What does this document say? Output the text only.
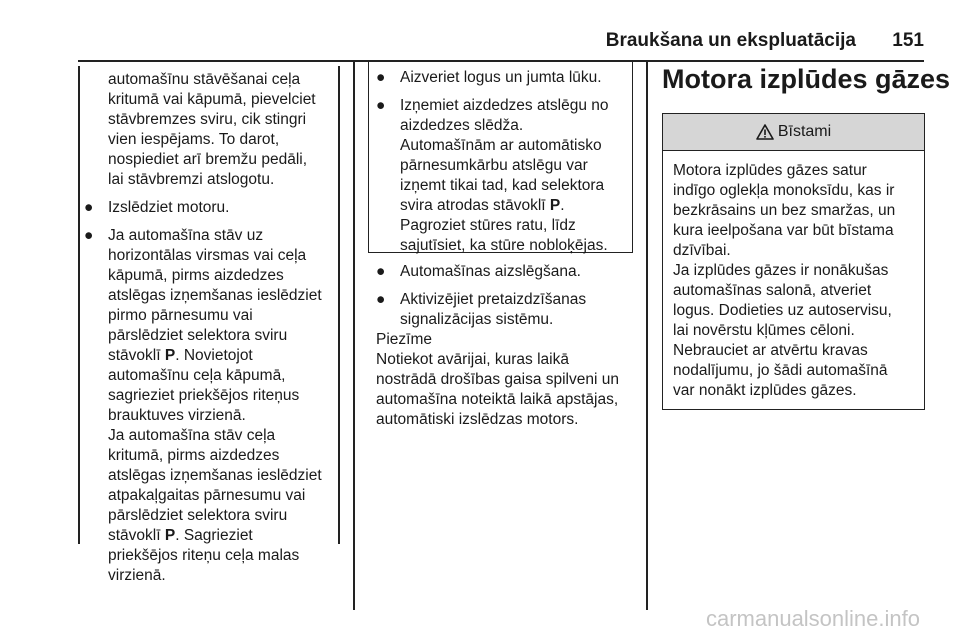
Braukšana un ekspluatācija	151

automašīnu stāvēšanai ceļa
kritumā vai kāpumā, pievelciet
stāvbremzes sviru, cik stingri
vien iespējams. To darot,
nospiediet arī bremžu pedāli,
lai stāvbremzi atslogotu.

● Izslēdziet motoru.
● Ja automašīna stāv uz
horizontālas virsmas vai ceļa
kāpumā, pirms aizdedzes
atslēgas izņemšanas ieslēdziet
pirmo pārnesumu vai
pārslēdziet selektora sviru
stāvoklī P. Novietojot
automašīnu ceļa kāpumā,
sagrieziet priekšējos riteņus
brauktuves virzienā.

Ja automašīna stāv ceļa
kritumā, pirms aizdedzes
atslēgas izņemšanas ieslēdziet
atpakaļgaitas pārnesumu vai
pārslēdziet selektora sviru
stāvoklī P. Sagrieziet
priekšējos riteņu ceļa malas
virzienā.

● Aizveriet logus un jumta lūku.
● Izņemiet aizdedzes atslēgu no
aizdedzes slēdža.
Automašīnām ar automātisko
pārnesumkārbu atslēgu var
izņemt tikai tad, kad selektora
svira atrodas stāvoklī P.

Pagroziet stūres ratu, līdz
sajutīsiet, ka stūre nobloķējas.

● Automašīnas aizslēgšana.
● Aktivizējiet pretaizdzīšanas
signalizācijas sistēmu.

Piezīme

Notiekot avārijai, kuras laikā
nostrādā drošības gaisa spilveni un
automašīna noteiktā laikā apstājas,
automātiski izslēdzas motors.

Motora izplūdes gāzes
Bīstami

Motora izplūdes gāzes satur
indīgo oglekļa monoksīdu, kas ir
bezkrāsains un bez smaržas, un
kura ieelpošana var būt bīstama
dzīvībai.

Ja izplūdes gāzes ir nonākušas
automašīnas salonā, atveriet
logus. Dodieties uz autoservisu,
lai novērstu kļūmes cēloni.

Nebrauciet ar atvērtu kravas
nodalījumu, jo šādi automašīnā
var nonākt izplūdes gāzes.

carmanualsonline.info
